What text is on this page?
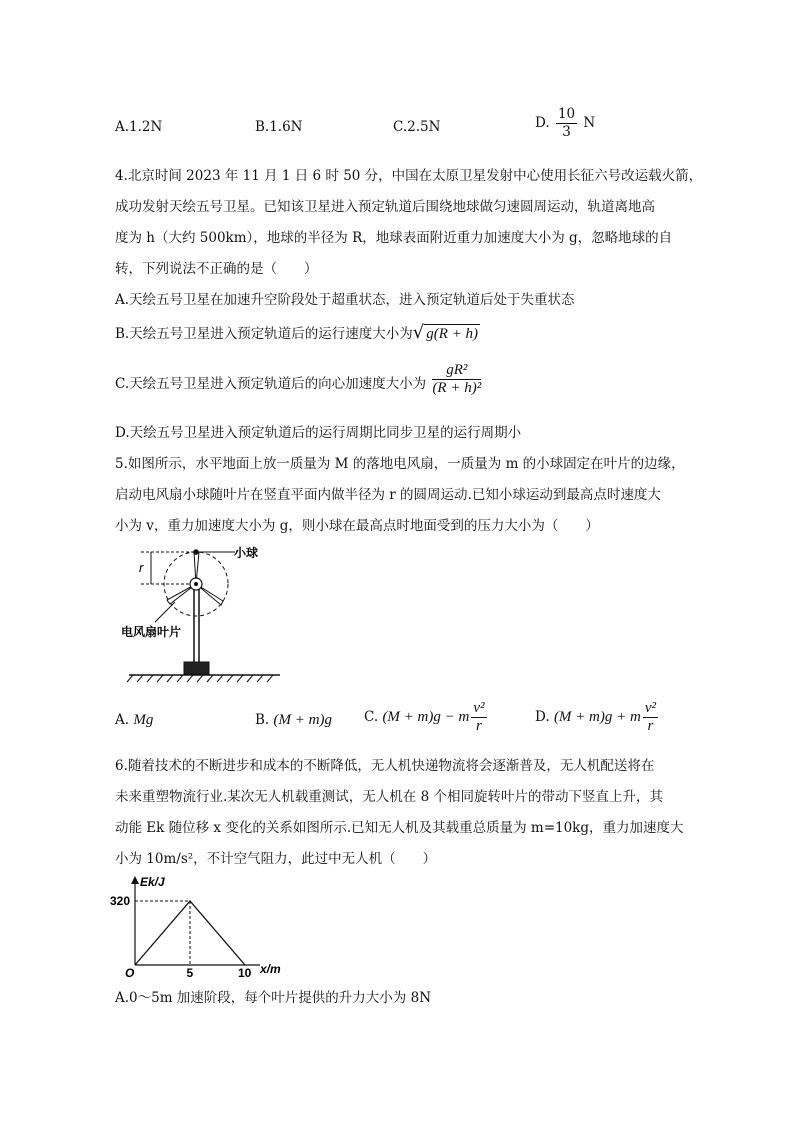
A.1.2N	B.1.6N	C.2.5N	D. $\frac{10}{3}$ N
4.北京时间 2023 年 11 月 1 日 6 时 50 分，中国在太原卫星发射中心使用长征六号改运载火箭，
成功发射天绘五号卫星。已知该卫星进入预定轨道后围绕地球做匀速圆周运动，轨道离地高
度为 h（大约 500km），地球的半径为 R，地球表面附近重力加速度大小为 g，忽略地球的自
转，下列说法不正确的是（　　）
A.天绘五号卫星在加速升空阶段处于超重状态，进入预定轨道后处于失重状态
B.天绘五号卫星进入预定轨道后的运行速度大小为√ g(R + h)
C.天绘五号卫星进入预定轨道后的向心加速度大小为 $\frac{\text{gR²}}{\text{(R + h)²}}$
D.天绘五号卫星进入预定轨道后的运行周期比同步卫星的运行周期小
5.如图所示，水平地面上放一质量为 M 的落地电风扇，一质量为 m 的小球固定在叶片的边缘，
启动电风扇小球随叶片在竖直平面内做半径为 r 的圆周运动.已知小球运动到最高点时速度大
小为 v，重力加速度大小为 g，则小球在最高点时地面受到的压力大小为（　　）
r
小球
电风扇叶片
A. Mg	B. (M + m)g C. (M + m)g − m $\frac{\text{v²}}{r}$	D. (M + m)g + m $\frac{\text{v²}}{r}$
6.随着技术的不断进步和成本的不断降低，无人机快递物流将会逐渐普及，无人机配送将在
未来重塑物流行业.某次无人机载重测试，无人机在 8 个相同旋转叶片的带动下竖直上升，其
动能 Ek 随位移 x 变化的关系如图所示.已知无人机及其载重总质量为 m=10kg，重力加速度大
小为 10m/s²，不计空气阻力，此过中无人机（　　）
Ek/J
x/m
320
O	5	10
A.0～5m 加速阶段，每个叶片提供的升力大小为 8N
